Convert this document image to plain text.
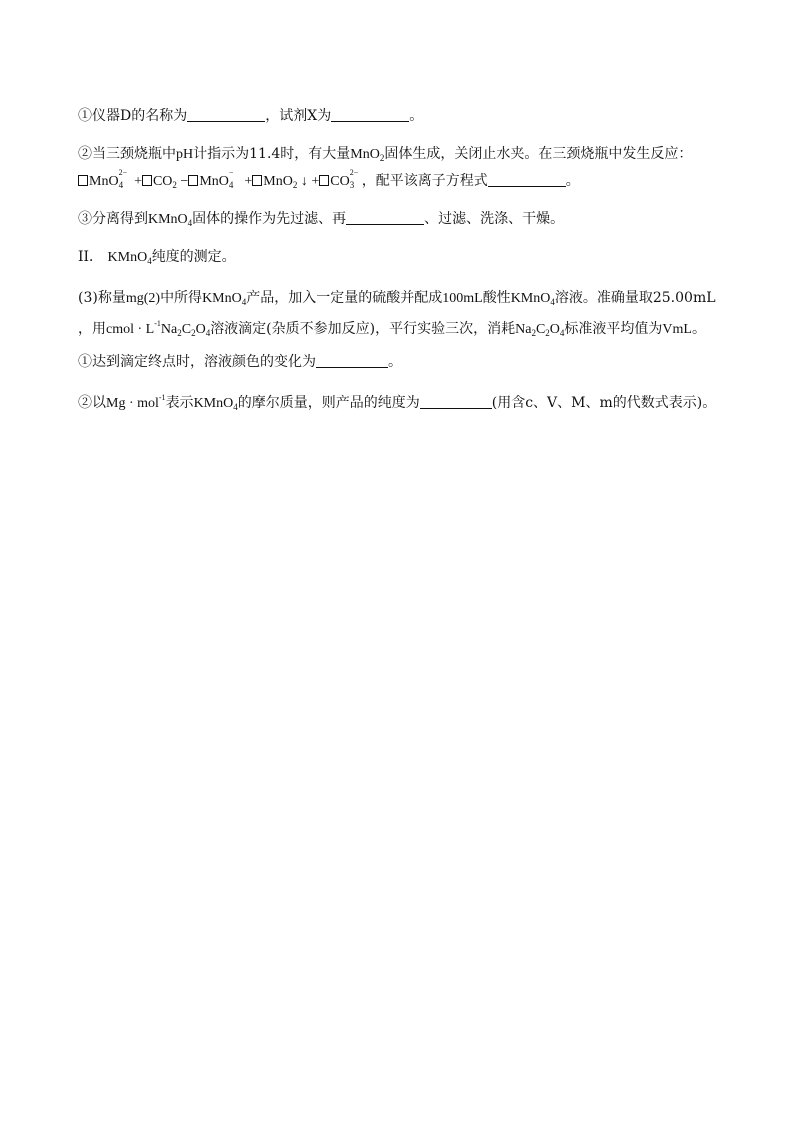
①仪器D的名称为	，试剂X为	。
②当三颈烧瓶中pH计指示为11.4时，有大量MnO$_2$固体生成，关闭止水夹。在三颈烧瓶中发生反应：
MnO
2−
$4 + CO_2$ − MnO
−
4 + MnO$_2$ ↓ + CO
2−
3 ，配平该离子方程式	。
③分离得到KMnO$_4$固体的操作为先过滤、再	、过滤、洗涤、干燥。
II． KMnO$_4$纯度的测定。
(3)称量mg(2)中所得KMnO$_4$产品，加入一定量的硫酸并配成100mL酸性KMnO$_4$溶液。准确量取25.00mL
，用cmol · $L^{-1}Na_2C_2O_4$溶液滴定(杂质不参加反应)，平行实验三次，消耗$Na_2C_2O_4$标准液平均值为VmL。
①达到滴定终点时，溶液颜色的变化为	。
②以Mg · mol$^{-1}$表示KMnO$_4$的摩尔质量，则产品的纯度为	(用含c、V、M、m的代数式表示)。
